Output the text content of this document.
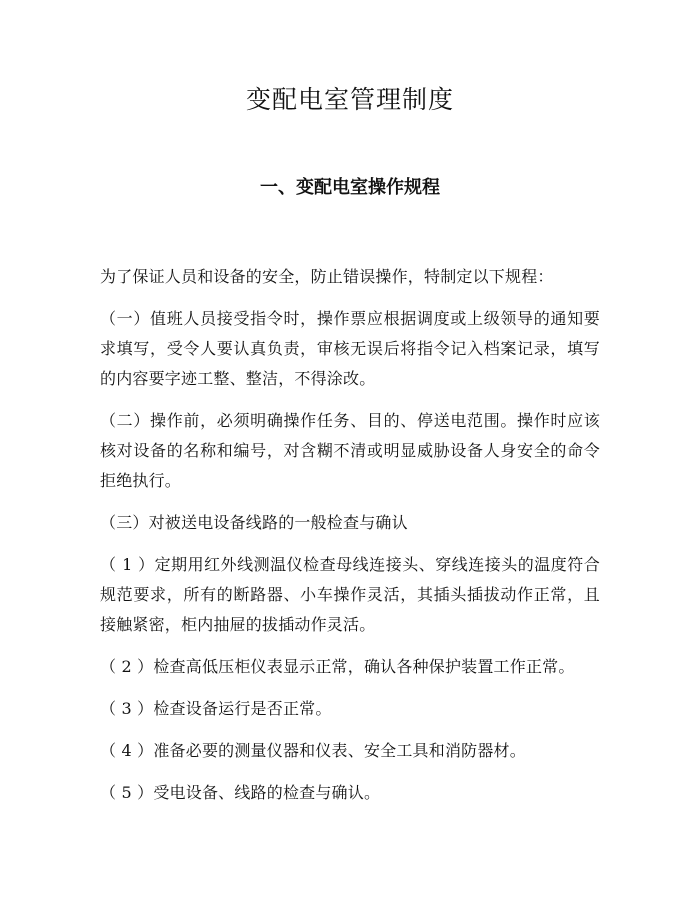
变配电室管理制度
一、变配电室操作规程

为了保证人员和设备的安全，防止错误操作，特制定以下规程：

（一）值班人员接受指令时，操作票应根据调度或上级领导的通知要求填写，受令人要认真负责，审核无误后将指令记入档案记录，填写的内容要字迹工整、整洁，不得涂改。

（二）操作前，必须明确操作任务、目的、停送电范围。操作时应该核对设备的名称和编号，对含糊不清或明显威胁设备人身安全的命令拒绝执行。

（三）对被送电设备线路的一般检查与确认

（ 1 ）定期用红外线测温仪检查母线连接头、穿线连接头的温度符合规范要求，所有的断路器、小车操作灵活，其插头插拔动作正常，且接触紧密，柜内抽屉的拔插动作灵活。

（ 2 ）检查高低压柜仪表显示正常，确认各种保护装置工作正常。

（ 3 ）检查设备运行是否正常。

（ 4 ）准备必要的测量仪器和仪表、安全工具和消防器材。

（ 5 ）受电设备、线路的检查与确认。
